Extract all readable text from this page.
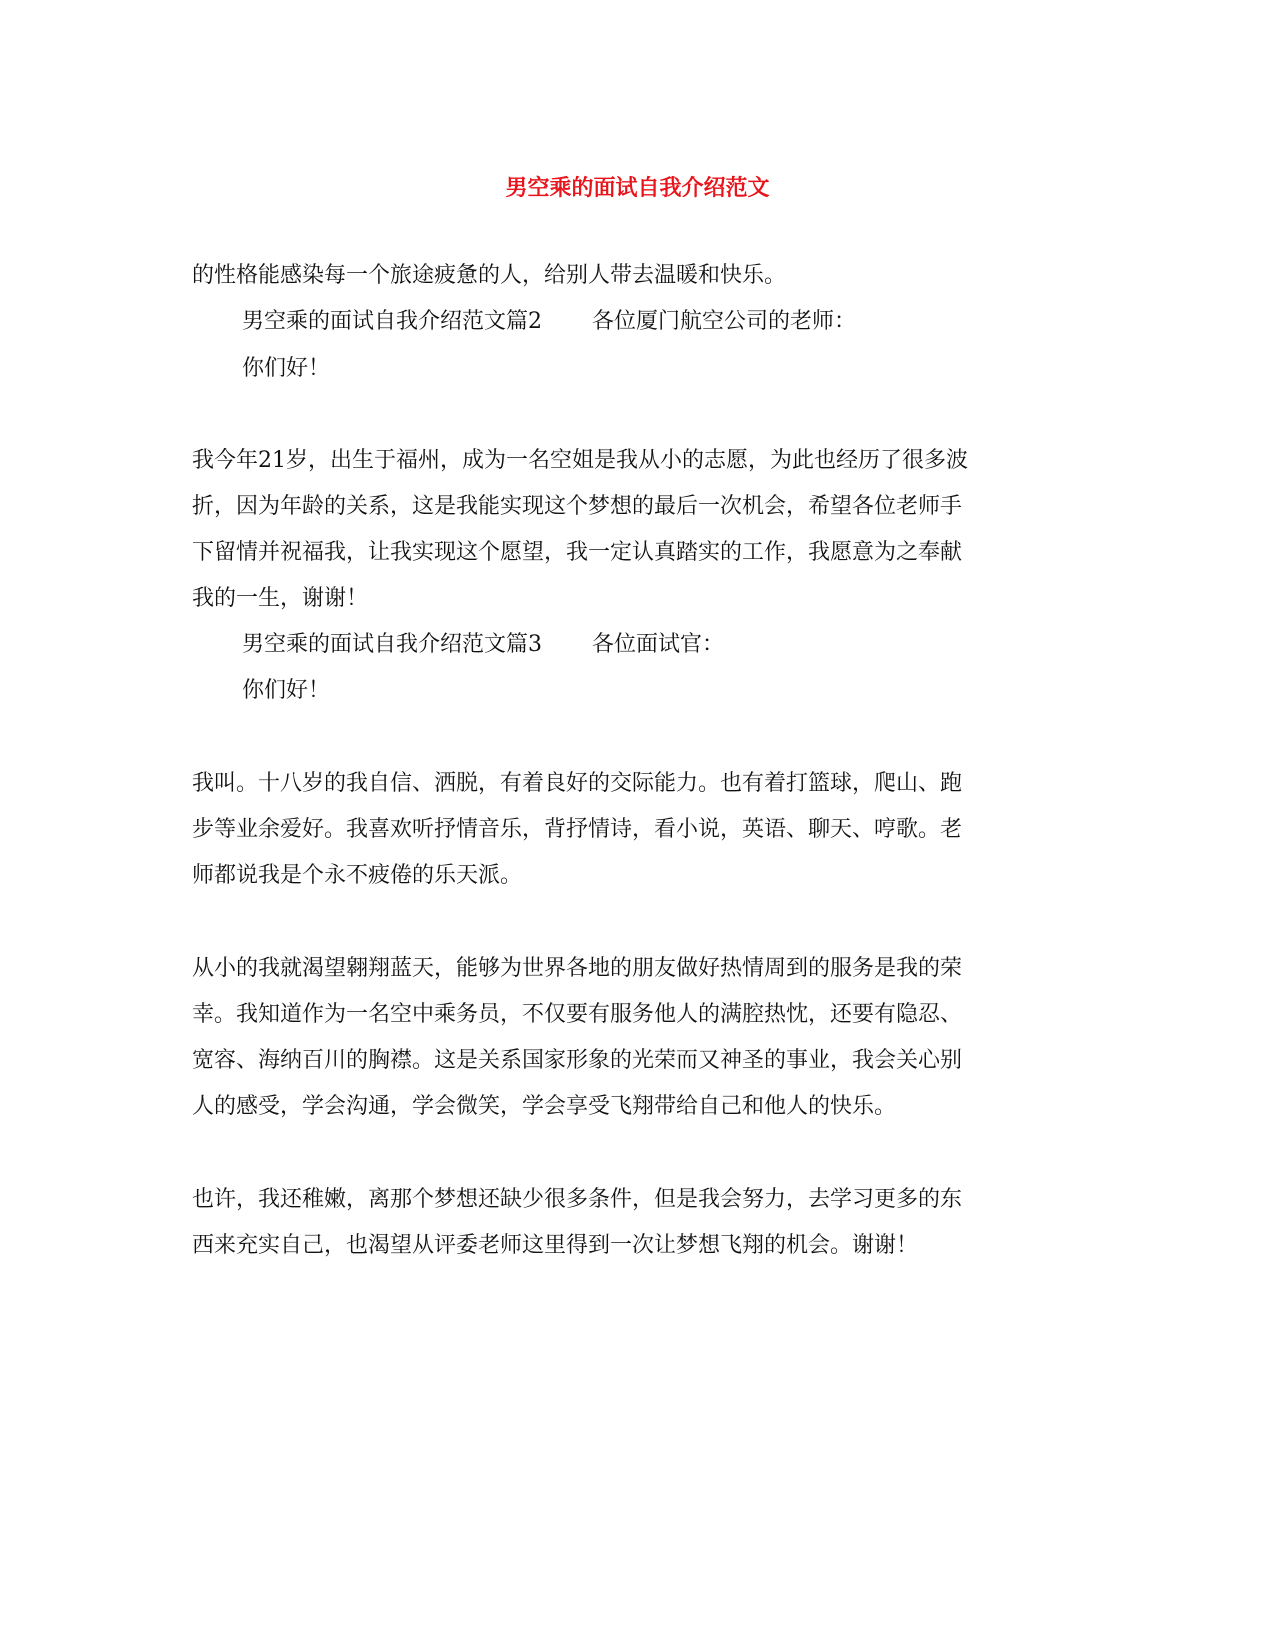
男空乘的面试自我介绍范文
的性格能感染每一个旅途疲惫的人，给别人带去温暖和快乐。
男空乘的面试自我介绍范文篇2 各位厦门航空公司的老师：
你们好！
我今年21岁，出生于福州，成为一名空姐是我从小的志愿，为此也经历了很多波
折，因为年龄的关系，这是我能实现这个梦想的最后一次机会，希望各位老师手
下留情并祝福我，让我实现这个愿望，我一定认真踏实的工作，我愿意为之奉献
我的一生，谢谢！
男空乘的面试自我介绍范文篇3 各位面试官：
你们好！
我叫。十八岁的我自信、洒脱，有着良好的交际能力。也有着打篮球，爬山、跑
步等业余爱好。我喜欢听抒情音乐，背抒情诗，看小说，英语、聊天、哼歌。老
师都说我是个永不疲倦的乐天派。
从小的我就渴望翱翔蓝天，能够为世界各地的朋友做好热情周到的服务是我的荣
幸。我知道作为一名空中乘务员，不仅要有服务他人的满腔热忱，还要有隐忍、
宽容、海纳百川的胸襟。这是关系国家形象的光荣而又神圣的事业，我会关心别
人的感受，学会沟通，学会微笑，学会享受飞翔带给自己和他人的快乐。
也许，我还稚嫩，离那个梦想还缺少很多条件，但是我会努力，去学习更多的东
西来充实自己，也渴望从评委老师这里得到一次让梦想飞翔的机会。谢谢！
